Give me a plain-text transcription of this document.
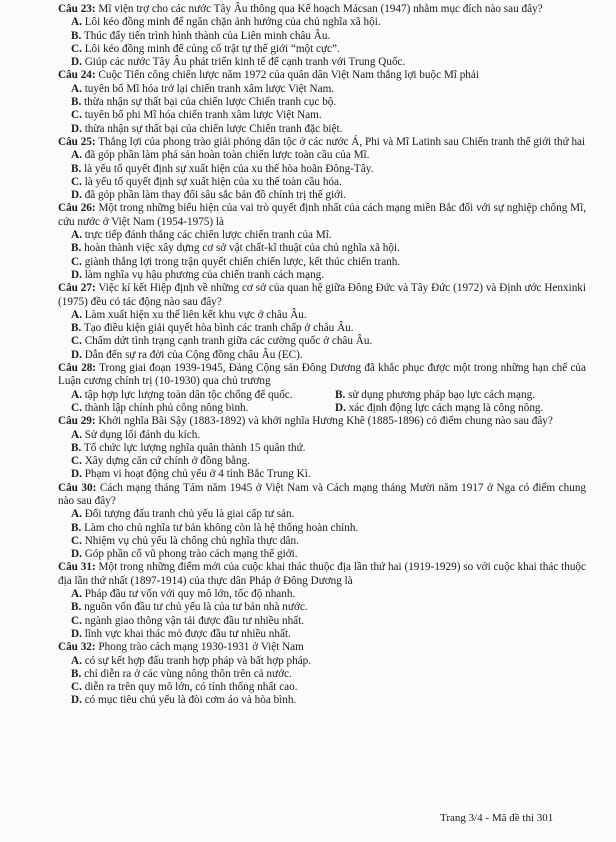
Câu 23: Mĩ viện trợ cho các nước Tây Âu thông qua Kế hoạch Mácsan (1947) nhằm mục đích nào sau đây?

A. Lôi kéo đồng minh để ngăn chặn ảnh hưởng của chủ nghĩa xã hội.

B. Thúc đẩy tiến trình hình thành của Liên minh châu Âu.

C. Lôi kéo đồng minh để củng cố trật tự thế giới “một cực”.

D. Giúp các nước Tây Âu phát triển kinh tế để cạnh tranh với Trung Quốc.

Câu 24: Cuộc Tiến công chiến lược năm 1972 của quân dân Việt Nam thắng lợi buộc Mĩ phải

A. tuyên bố Mĩ hóa trở lại chiến tranh xâm lược Việt Nam.

B. thừa nhận sự thất bại của chiến lược Chiến tranh cục bộ.

C. tuyên bố phi Mĩ hóa chiến tranh xâm lược Việt Nam.

D. thừa nhận sự thất bại của chiến lược Chiến tranh đặc biệt.

Câu 25: Thắng lợi của phong trào giải phóng dân tộc ở các nước Á, Phi và Mĩ Latinh sau Chiến tranh thế giới thứ hai

A. đã góp phần làm phá sản hoàn toàn chiến lược toàn cầu của Mĩ.

B. là yếu tố quyết định sự xuất hiện của xu thế hòa hoãn Đông-Tây.

C. là yếu tố quyết định sự xuất hiện của xu thế toàn cầu hóa.

D. đã góp phần làm thay đổi sâu sắc bản đồ chính trị thế giới.

Câu 26: Một trong những biểu hiện của vai trò quyết định nhất của cách mạng miền Bắc đối với sự nghiệp chống Mĩ, cứu nước ở Việt Nam (1954-1975) là

A. trực tiếp đánh thắng các chiến lược chiến tranh của Mĩ.

B. hoàn thành việc xây dựng cơ sở vật chất-kĩ thuật của chủ nghĩa xã hội.

C. giành thắng lợi trong trận quyết chiến chiến lược, kết thúc chiến tranh.

D. làm nghĩa vụ hậu phương của chiến tranh cách mạng.

Câu 27: Việc kí kết Hiệp định về những cơ sở của quan hệ giữa Đông Đức và Tây Đức (1972) và Định ước Henxinki (1975) đều có tác động nào sau đây?

A. Làm xuất hiện xu thế liên kết khu vực ở châu Âu.

B. Tạo điều kiện giải quyết hòa bình các tranh chấp ở châu Âu.

C. Chấm dứt tình trạng cạnh tranh giữa các cường quốc ở châu Âu.

D. Dẫn đến sự ra đời của Cộng đồng châu Âu (EC).

Câu 28: Trong giai đoạn 1939-1945, Đảng Cộng sản Đông Dương đã khắc phục được một trong những hạn chế của Luận cương chính trị (10-1930) qua chủ trương

A. tập hợp lực lượng toàn dân tộc chống đế quốc.	B. sử dụng phương pháp bạo lực cách mạng.

C. thành lập chính phủ công nông binh.	D. xác định động lực cách mạng là công nông.

Câu 29: Khởi nghĩa Bãi Sậy (1883-1892) và khởi nghĩa Hương Khê (1885-1896) có điểm chung nào sau đây?

A. Sử dụng lối đánh du kích.

B. Tổ chức lực lượng nghĩa quân thành 15 quân thứ.

C. Xây dựng căn cứ chính ở đồng bằng.

D. Phạm vi hoạt động chủ yếu ở 4 tỉnh Bắc Trung Kì.

Câu 30: Cách mạng tháng Tám năm 1945 ở Việt Nam và Cách mạng tháng Mười năm 1917 ở Nga có điểm chung nào sau đây?

A. Đối tượng đấu tranh chủ yếu là giai cấp tư sản.

B. Làm cho chủ nghĩa tư bản không còn là hệ thống hoàn chỉnh.

C. Nhiệm vụ chủ yếu là chống chủ nghĩa thực dân.

D. Góp phần cổ vũ phong trào cách mạng thế giới.

Câu 31: Một trong những điểm mới của cuộc khai thác thuộc địa lần thứ hai (1919-1929) so với cuộc khai thác thuộc địa lần thứ nhất (1897-1914) của thực dân Pháp ở Đông Dương là

A. Pháp đầu tư vốn với quy mô lớn, tốc độ nhanh.

B. nguồn vốn đầu tư chủ yếu là của tư bản nhà nước.

C. ngành giao thông vận tải được đầu tư nhiều nhất.

D. lĩnh vực khai thác mỏ được đầu tư nhiều nhất.

Câu 32: Phong trào cách mạng 1930-1931 ở Việt Nam

A. có sự kết hợp đấu tranh hợp pháp và bất hợp pháp.

B. chỉ diễn ra ở các vùng nông thôn trên cả nước.

C. diễn ra trên quy mô lớn, có tính thống nhất cao.

D. có mục tiêu chủ yếu là đòi cơm áo và hòa bình.

Trang 3/4 - Mã đề thi 301
